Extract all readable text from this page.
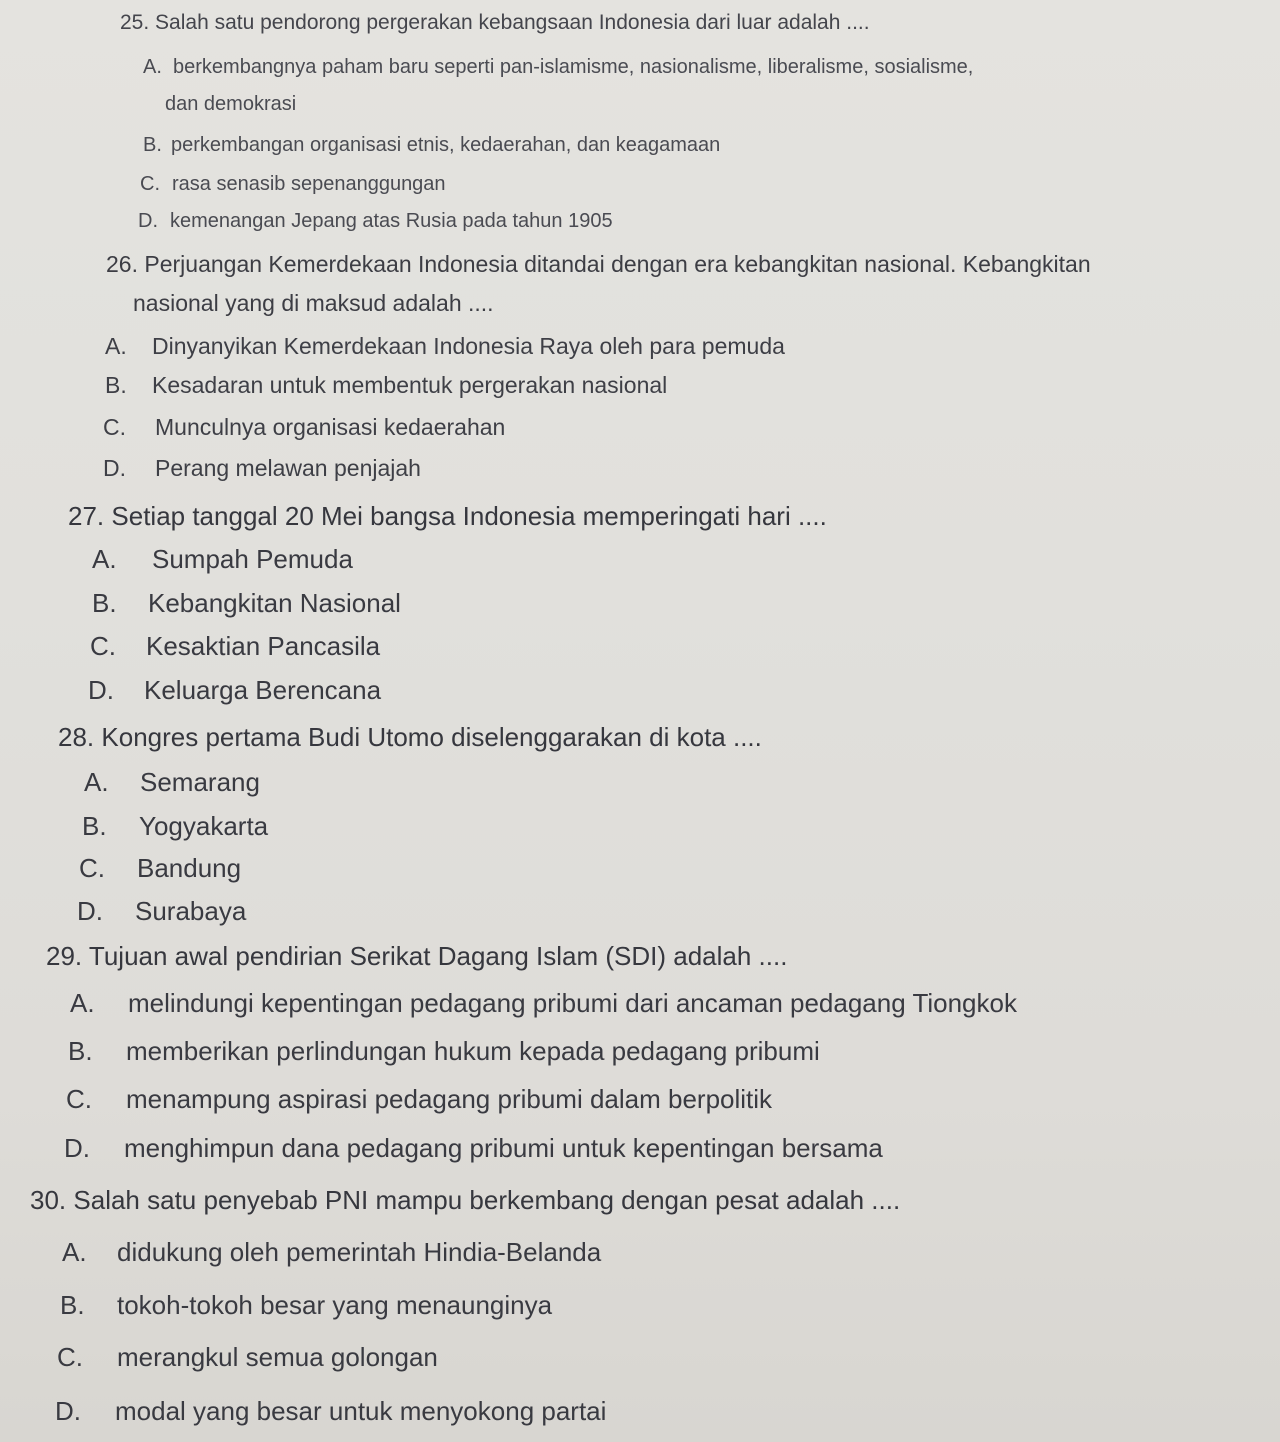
25. Salah satu pendorong pergerakan kebangsaan Indonesia dari luar adalah ....
A. berkembangnya paham baru seperti pan-islamisme, nasionalisme, liberalisme, sosialisme,
dan demokrasi
B. perkembangan organisasi etnis, kedaerahan, dan keagamaan
C. rasa senasib sepenanggungan
D. kemenangan Jepang atas Rusia pada tahun 1905
26. Perjuangan Kemerdekaan Indonesia ditandai dengan era kebangkitan nasional. Kebangkitan
nasional yang di maksud adalah ....
A. Dinyanyikan Kemerdekaan Indonesia Raya oleh para pemuda
B. Kesadaran untuk membentuk pergerakan nasional
C. Munculnya organisasi kedaerahan
D. Perang melawan penjajah
27. Setiap tanggal 20 Mei bangsa Indonesia memperingati hari ....
A. Sumpah Pemuda
B. Kebangkitan Nasional
C. Kesaktian Pancasila
D. Keluarga Berencana
28. Kongres pertama Budi Utomo diselenggarakan di kota ....
A. Semarang
B. Yogyakarta
C. Bandung
D. Surabaya
29. Tujuan awal pendirian Serikat Dagang Islam (SDI) adalah ....
A. melindungi kepentingan pedagang pribumi dari ancaman pedagang Tiongkok
B. memberikan perlindungan hukum kepada pedagang pribumi
C. menampung aspirasi pedagang pribumi dalam berpolitik
D. menghimpun dana pedagang pribumi untuk kepentingan bersama
30. Salah satu penyebab PNI mampu berkembang dengan pesat adalah ....
A. didukung oleh pemerintah Hindia-Belanda
B. tokoh-tokoh besar yang menaunginya
C. merangkul semua golongan
D. modal yang besar untuk menyokong partai
